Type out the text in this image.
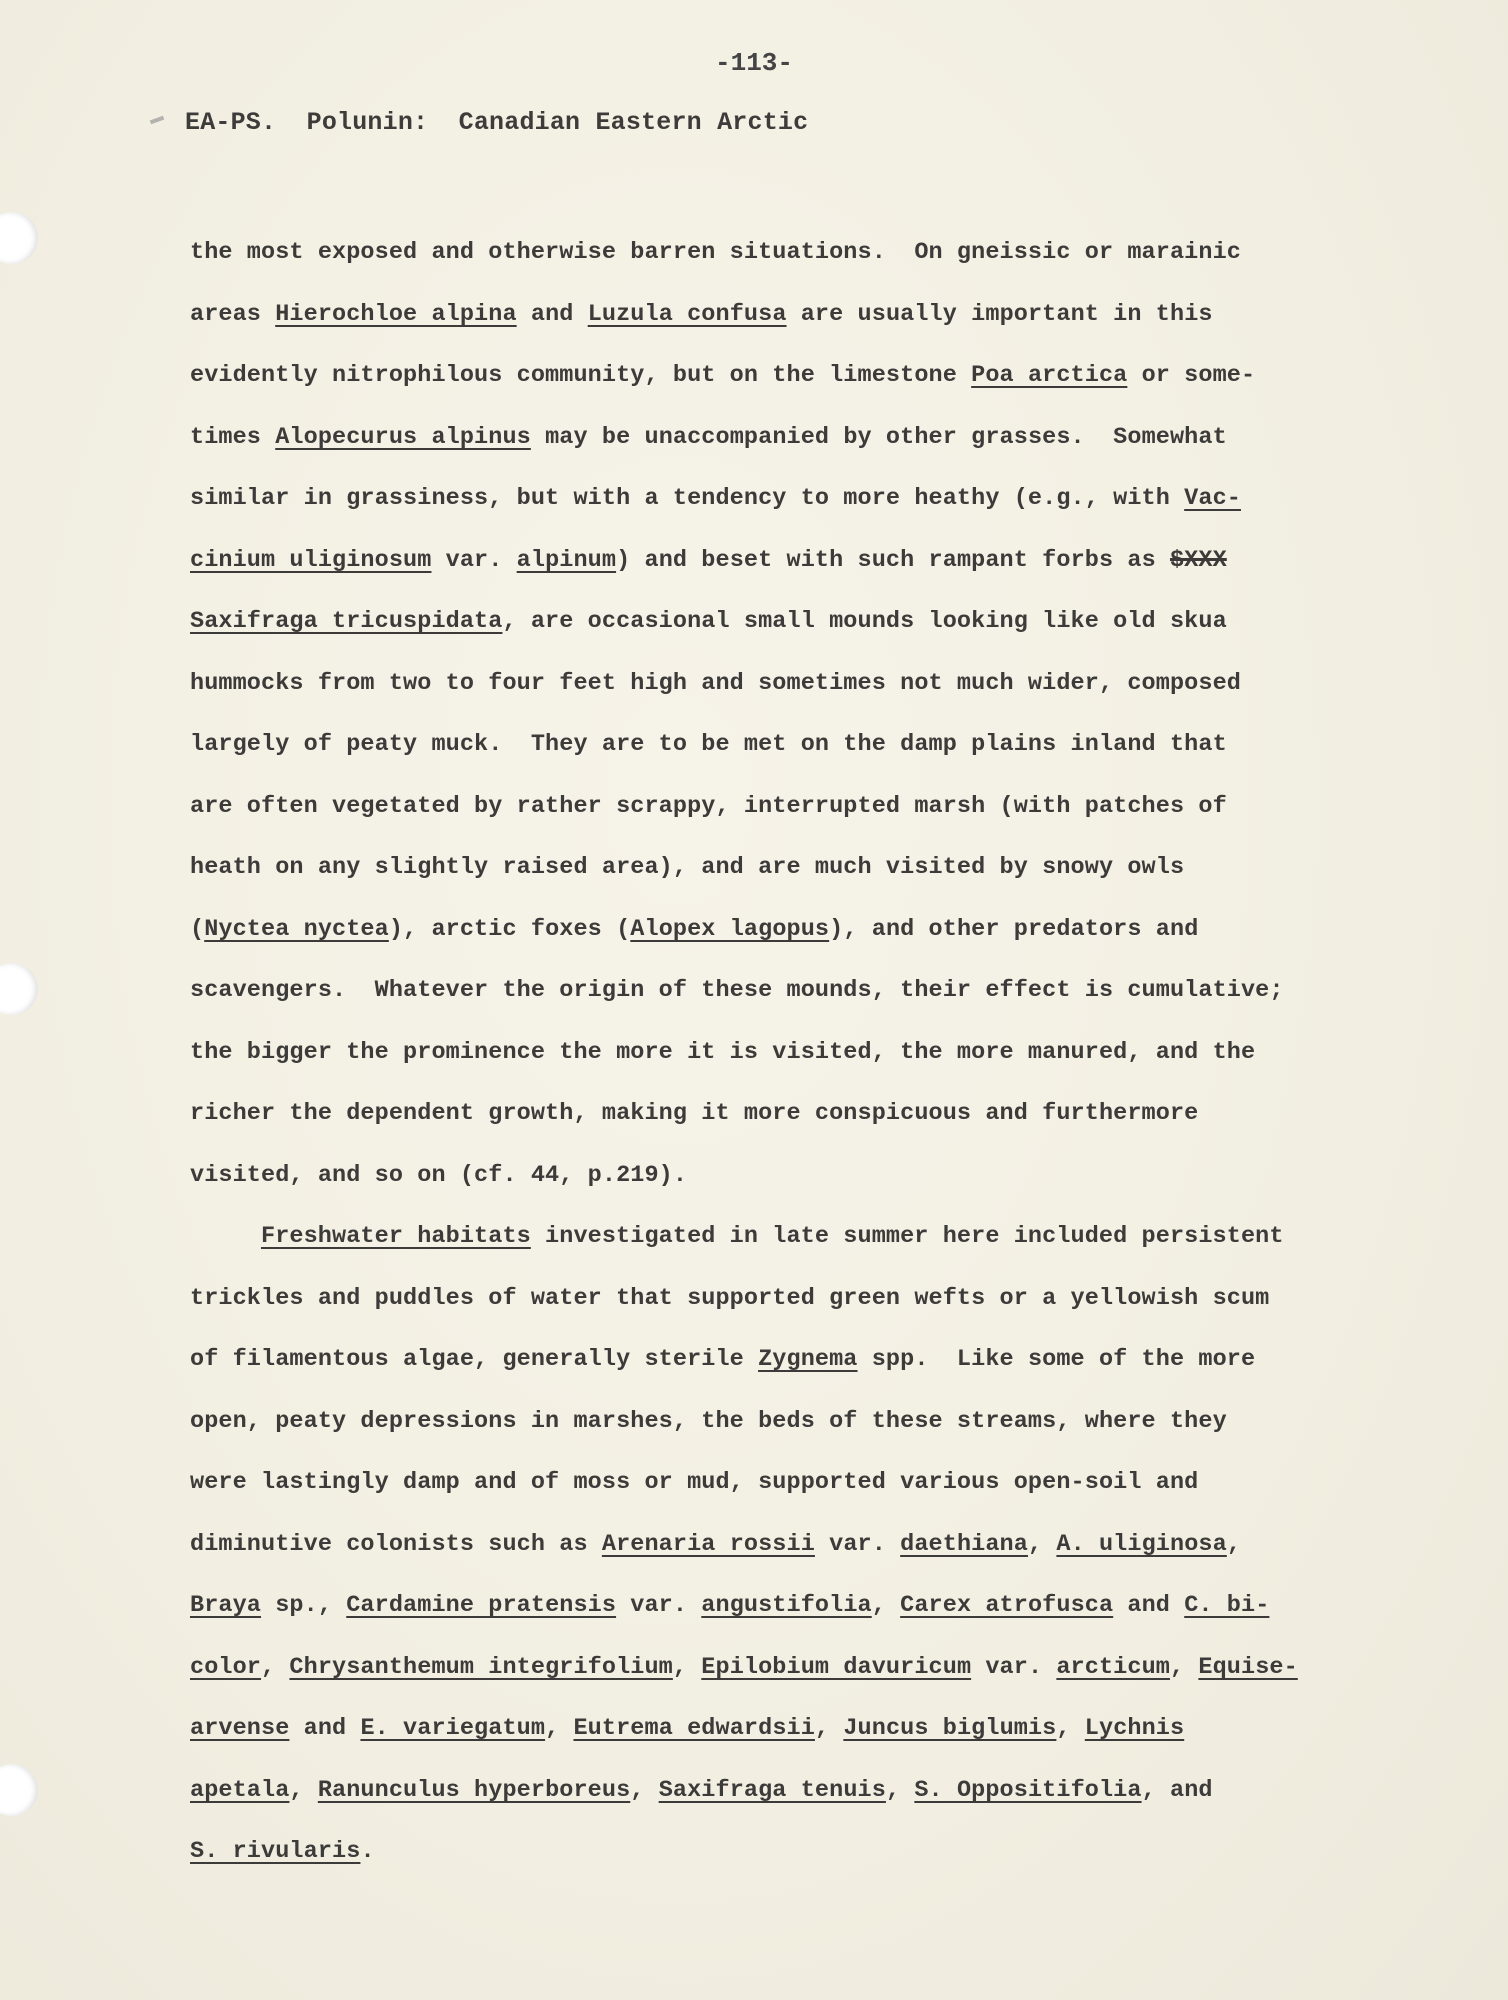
-113-
EA-PS.  Polunin:  Canadian Eastern Arctic
the most exposed and otherwise barren situations.  On gneissic or marainic
areas Hierochloe alpina and Luzula confusa are usually important in this
evidently nitrophilous community, but on the limestone Poa arctica or some-
times Alopecurus alpinus may be unaccompanied by other grasses.  Somewhat
similar in grassiness, but with a tendency to more heathy (e.g., with Vac-
cinium uliginosum var. alpinum) and beset with such rampant forbs as $XXX
Saxifraga tricuspidata, are occasional small mounds looking like old skua
hummocks from two to four feet high and sometimes not much wider, composed
largely of peaty muck.  They are to be met on the damp plains inland that
are often vegetated by rather scrappy, interrupted marsh (with patches of
heath on any slightly raised area), and are much visited by snowy owls
(Nyctea nyctea), arctic foxes (Alopex lagopus), and other predators and
scavengers.  Whatever the origin of these mounds, their effect is cumulative;
the bigger the prominence the more it is visited, the more manured, and the
richer the dependent growth, making it more conspicuous and furthermore
visited, and so on (cf. 44, p.219).
Freshwater habitats investigated in late summer here included persistent
trickles and puddles of water that supported green wefts or a yellowish scum
of filamentous algae, generally sterile Zygnema spp.  Like some of the more
open, peaty depressions in marshes, the beds of these streams, where they
were lastingly damp and of moss or mud, supported various open-soil and
diminutive colonists such as Arenaria rossii var. daethiana, A. uliginosa,
Braya sp., Cardamine pratensis var. angustifolia, Carex atrofusca and C. bi-
color, Chrysanthemum integrifolium, Epilobium davuricum var. arcticum, Equise-
arvense and E. variegatum, Eutrema edwardsii, Juncus biglumis, Lychnis
apetala, Ranunculus hyperboreus, Saxifraga tenuis, S. Oppositifolia, and
S. rivularis.
